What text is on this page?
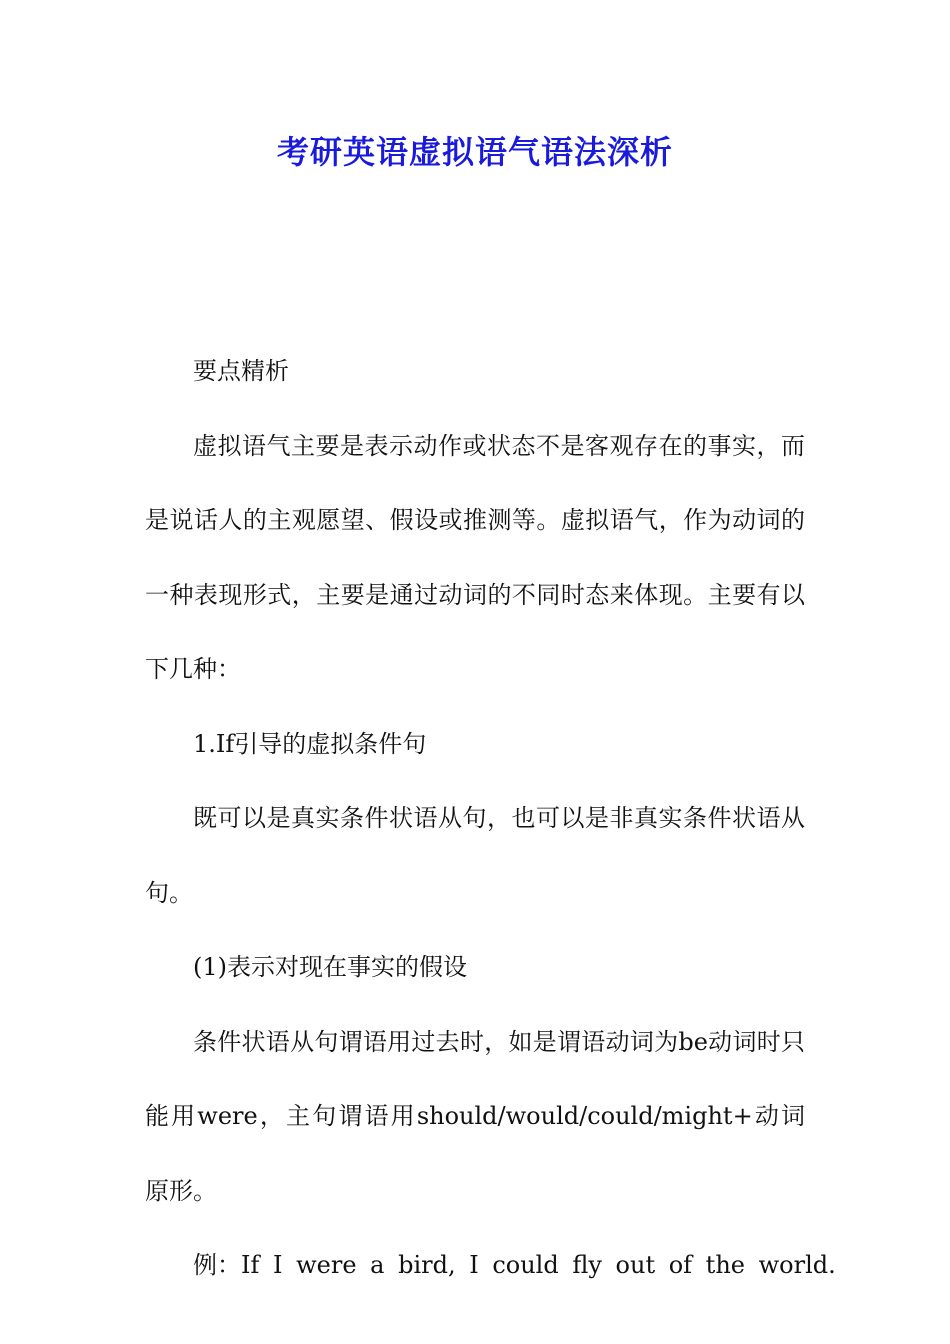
考研英语虚拟语气语法深析

要点精析

虚拟语气主要是表示动作或状态不是客观存在的事实，而是说话人的主观愿望、假设或推测等。虚拟语气，作为动词的一种表现形式，主要是通过动词的不同时态来体现。主要有以下几种：

1.If引导的虚拟条件句

既可以是真实条件状语从句，也可以是非真实条件状语从句。

(1)表示对现在事实的假设

条件状语从句谓语用过去时，如是谓语动词为be动词时只能用were，主句谓语用should/would/could/might+动词原形。

例：If I were a bird, I could fly out of the world.
